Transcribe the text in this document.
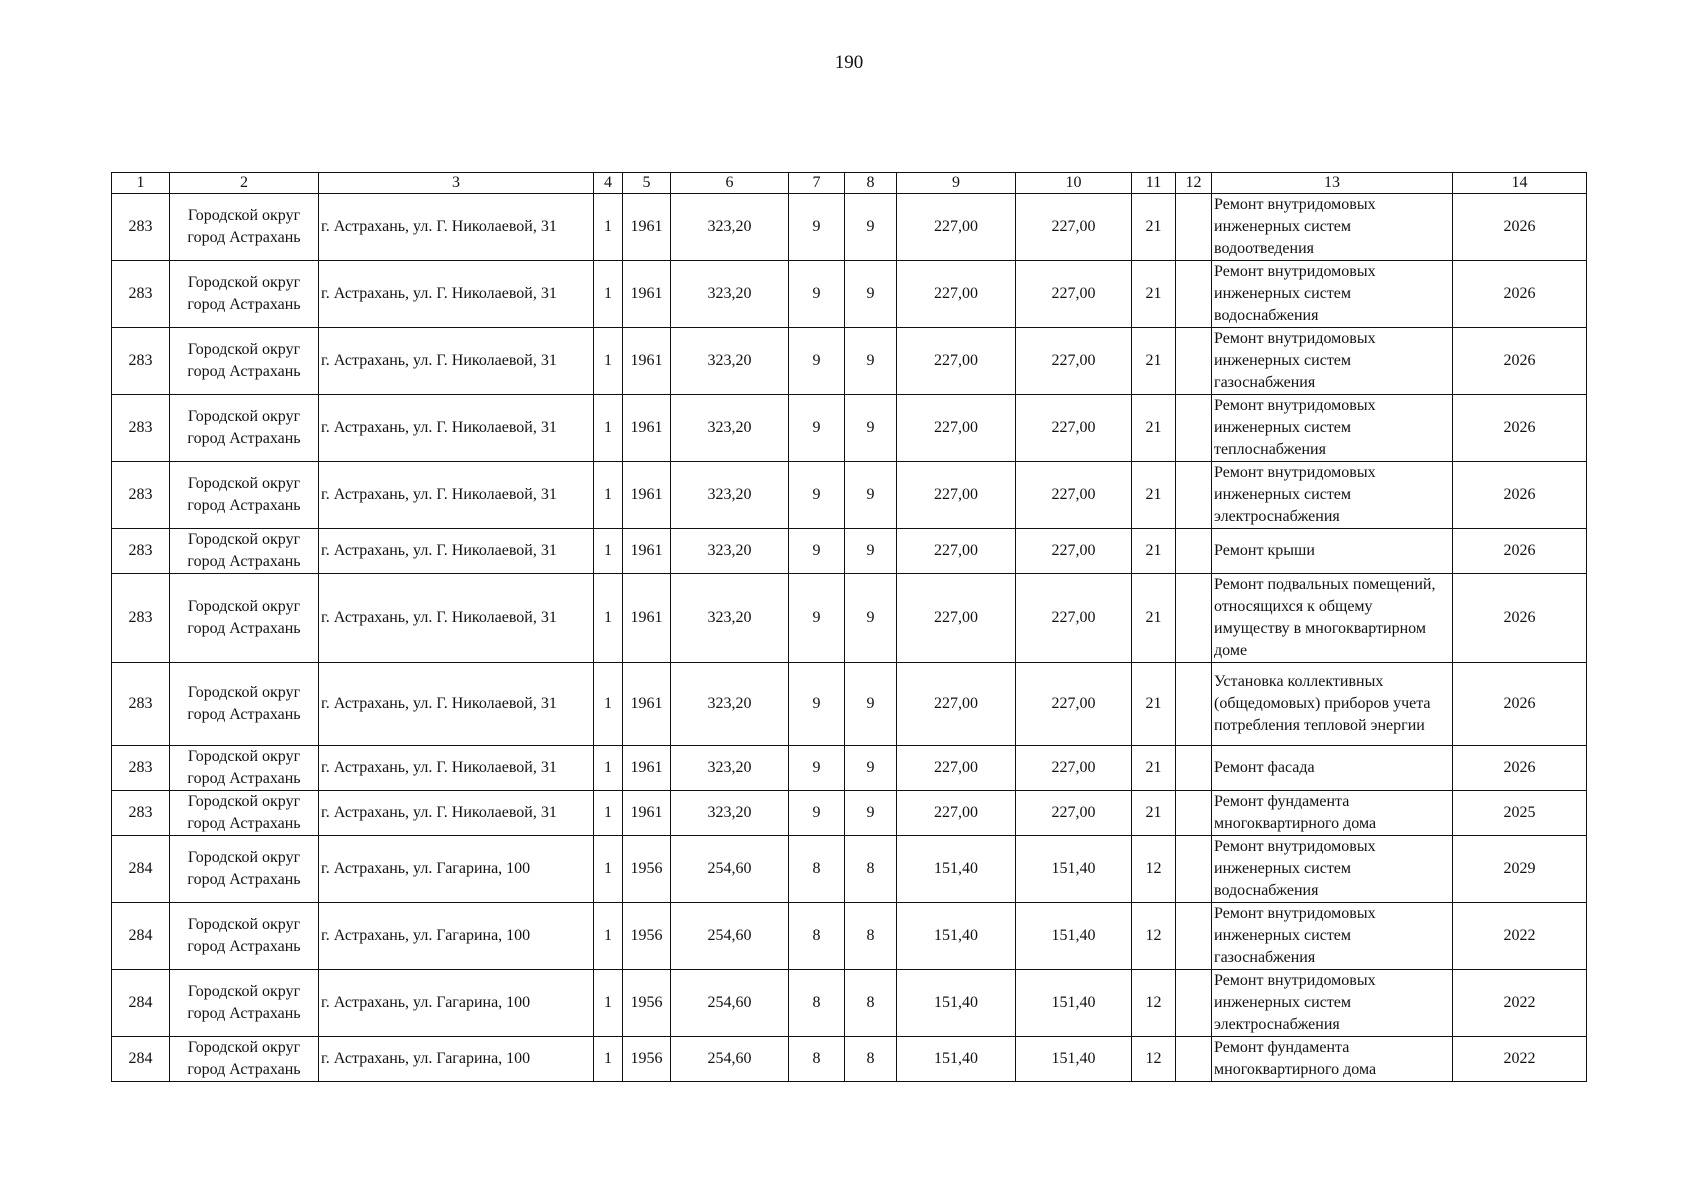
190
1	2	3	4	5	6	7	8	9	10	11	12	13	14
283	Городской округ город Астрахань	г. Астрахань, ул. Г. Николаевой, 31	1	1961	323,20	9	9	227,00	227,00	21		Ремонт внутридомовых инженерных систем водоотведения	2026
283	Городской округ город Астрахань	г. Астрахань, ул. Г. Николаевой, 31	1	1961	323,20	9	9	227,00	227,00	21		Ремонт внутридомовых инженерных систем водоснабжения	2026
283	Городской округ город Астрахань	г. Астрахань, ул. Г. Николаевой, 31	1	1961	323,20	9	9	227,00	227,00	21		Ремонт внутридомовых инженерных систем газоснабжения	2026
283	Городской округ город Астрахань	г. Астрахань, ул. Г. Николаевой, 31	1	1961	323,20	9	9	227,00	227,00	21		Ремонт внутридомовых инженерных систем теплоснабжения	2026
283	Городской округ город Астрахань	г. Астрахань, ул. Г. Николаевой, 31	1	1961	323,20	9	9	227,00	227,00	21		Ремонт внутридомовых инженерных систем электроснабжения	2026
283	Городской округ город Астрахань	г. Астрахань, ул. Г. Николаевой, 31	1	1961	323,20	9	9	227,00	227,00	21		Ремонт крыши	2026
283	Городской округ город Астрахань	г. Астрахань, ул. Г. Николаевой, 31	1	1961	323,20	9	9	227,00	227,00	21		Ремонт подвальных помещений, относящихся к общему имуществу в многоквартирном доме	2026
283	Городской округ город Астрахань	г. Астрахань, ул. Г. Николаевой, 31	1	1961	323,20	9	9	227,00	227,00	21		Установка коллективных (общедомовых) приборов учета потребления тепловой энергии	2026
283	Городской округ город Астрахань	г. Астрахань, ул. Г. Николаевой, 31	1	1961	323,20	9	9	227,00	227,00	21		Ремонт фасада	2026
283	Городской округ город Астрахань	г. Астрахань, ул. Г. Николаевой, 31	1	1961	323,20	9	9	227,00	227,00	21		Ремонт фундамента многоквартирного дома	2025
284	Городской округ город Астрахань	г. Астрахань, ул. Гагарина, 100	1	1956	254,60	8	8	151,40	151,40	12		Ремонт внутридомовых инженерных систем водоснабжения	2029
284	Городской округ город Астрахань	г. Астрахань, ул. Гагарина, 100	1	1956	254,60	8	8	151,40	151,40	12		Ремонт внутридомовых инженерных систем газоснабжения	2022
284	Городской округ город Астрахань	г. Астрахань, ул. Гагарина, 100	1	1956	254,60	8	8	151,40	151,40	12		Ремонт внутридомовых инженерных систем электроснабжения	2022
284	Городской округ город Астрахань	г. Астрахань, ул. Гагарина, 100	1	1956	254,60	8	8	151,40	151,40	12		Ремонт фундамента многоквартирного дома	2022
